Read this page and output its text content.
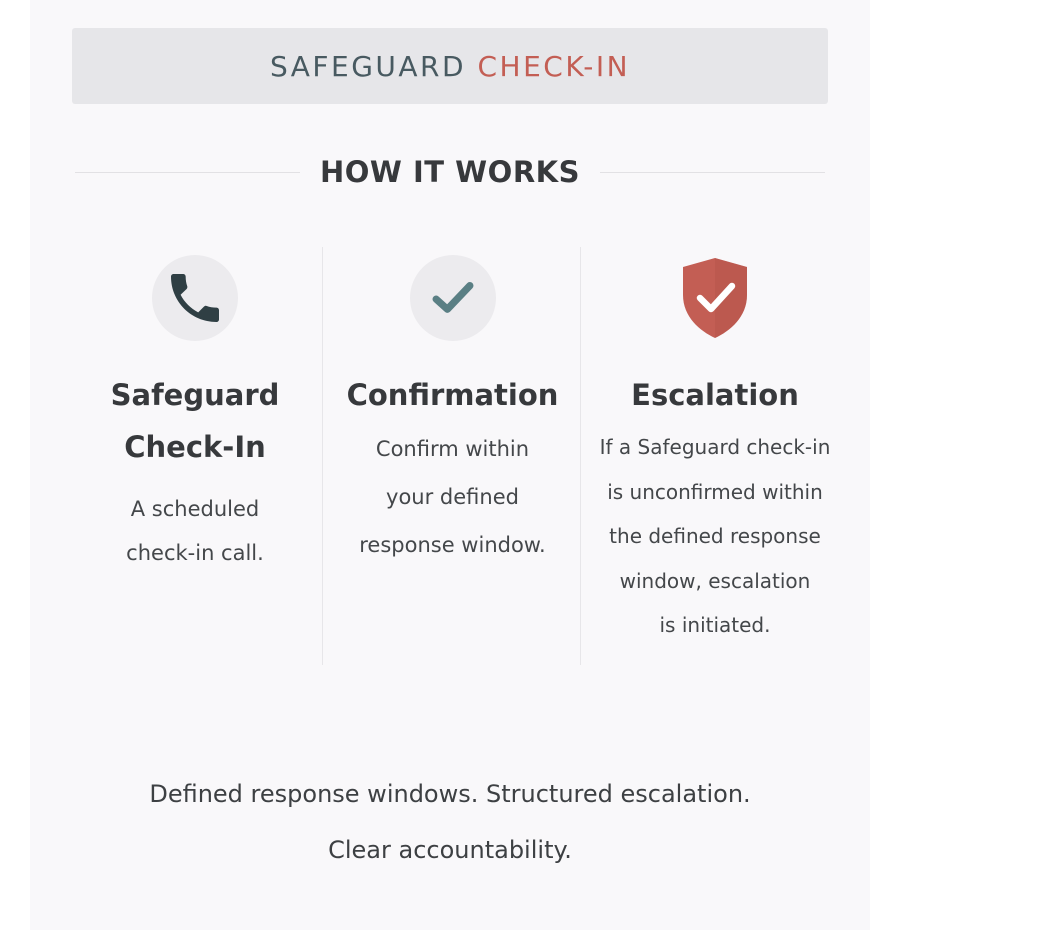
SAFEGUARD
CHECK-IN
HOW IT WORKS
Safeguard
Check-In

A scheduled
check-in call.

Confirmation

Confirm within
your defined
response window.

Escalation

If a Safeguard check-in
is unconfirmed within
the defined response
window, escalation
is initiated.

Defined response windows. Structured escalation.
Clear accountability.
